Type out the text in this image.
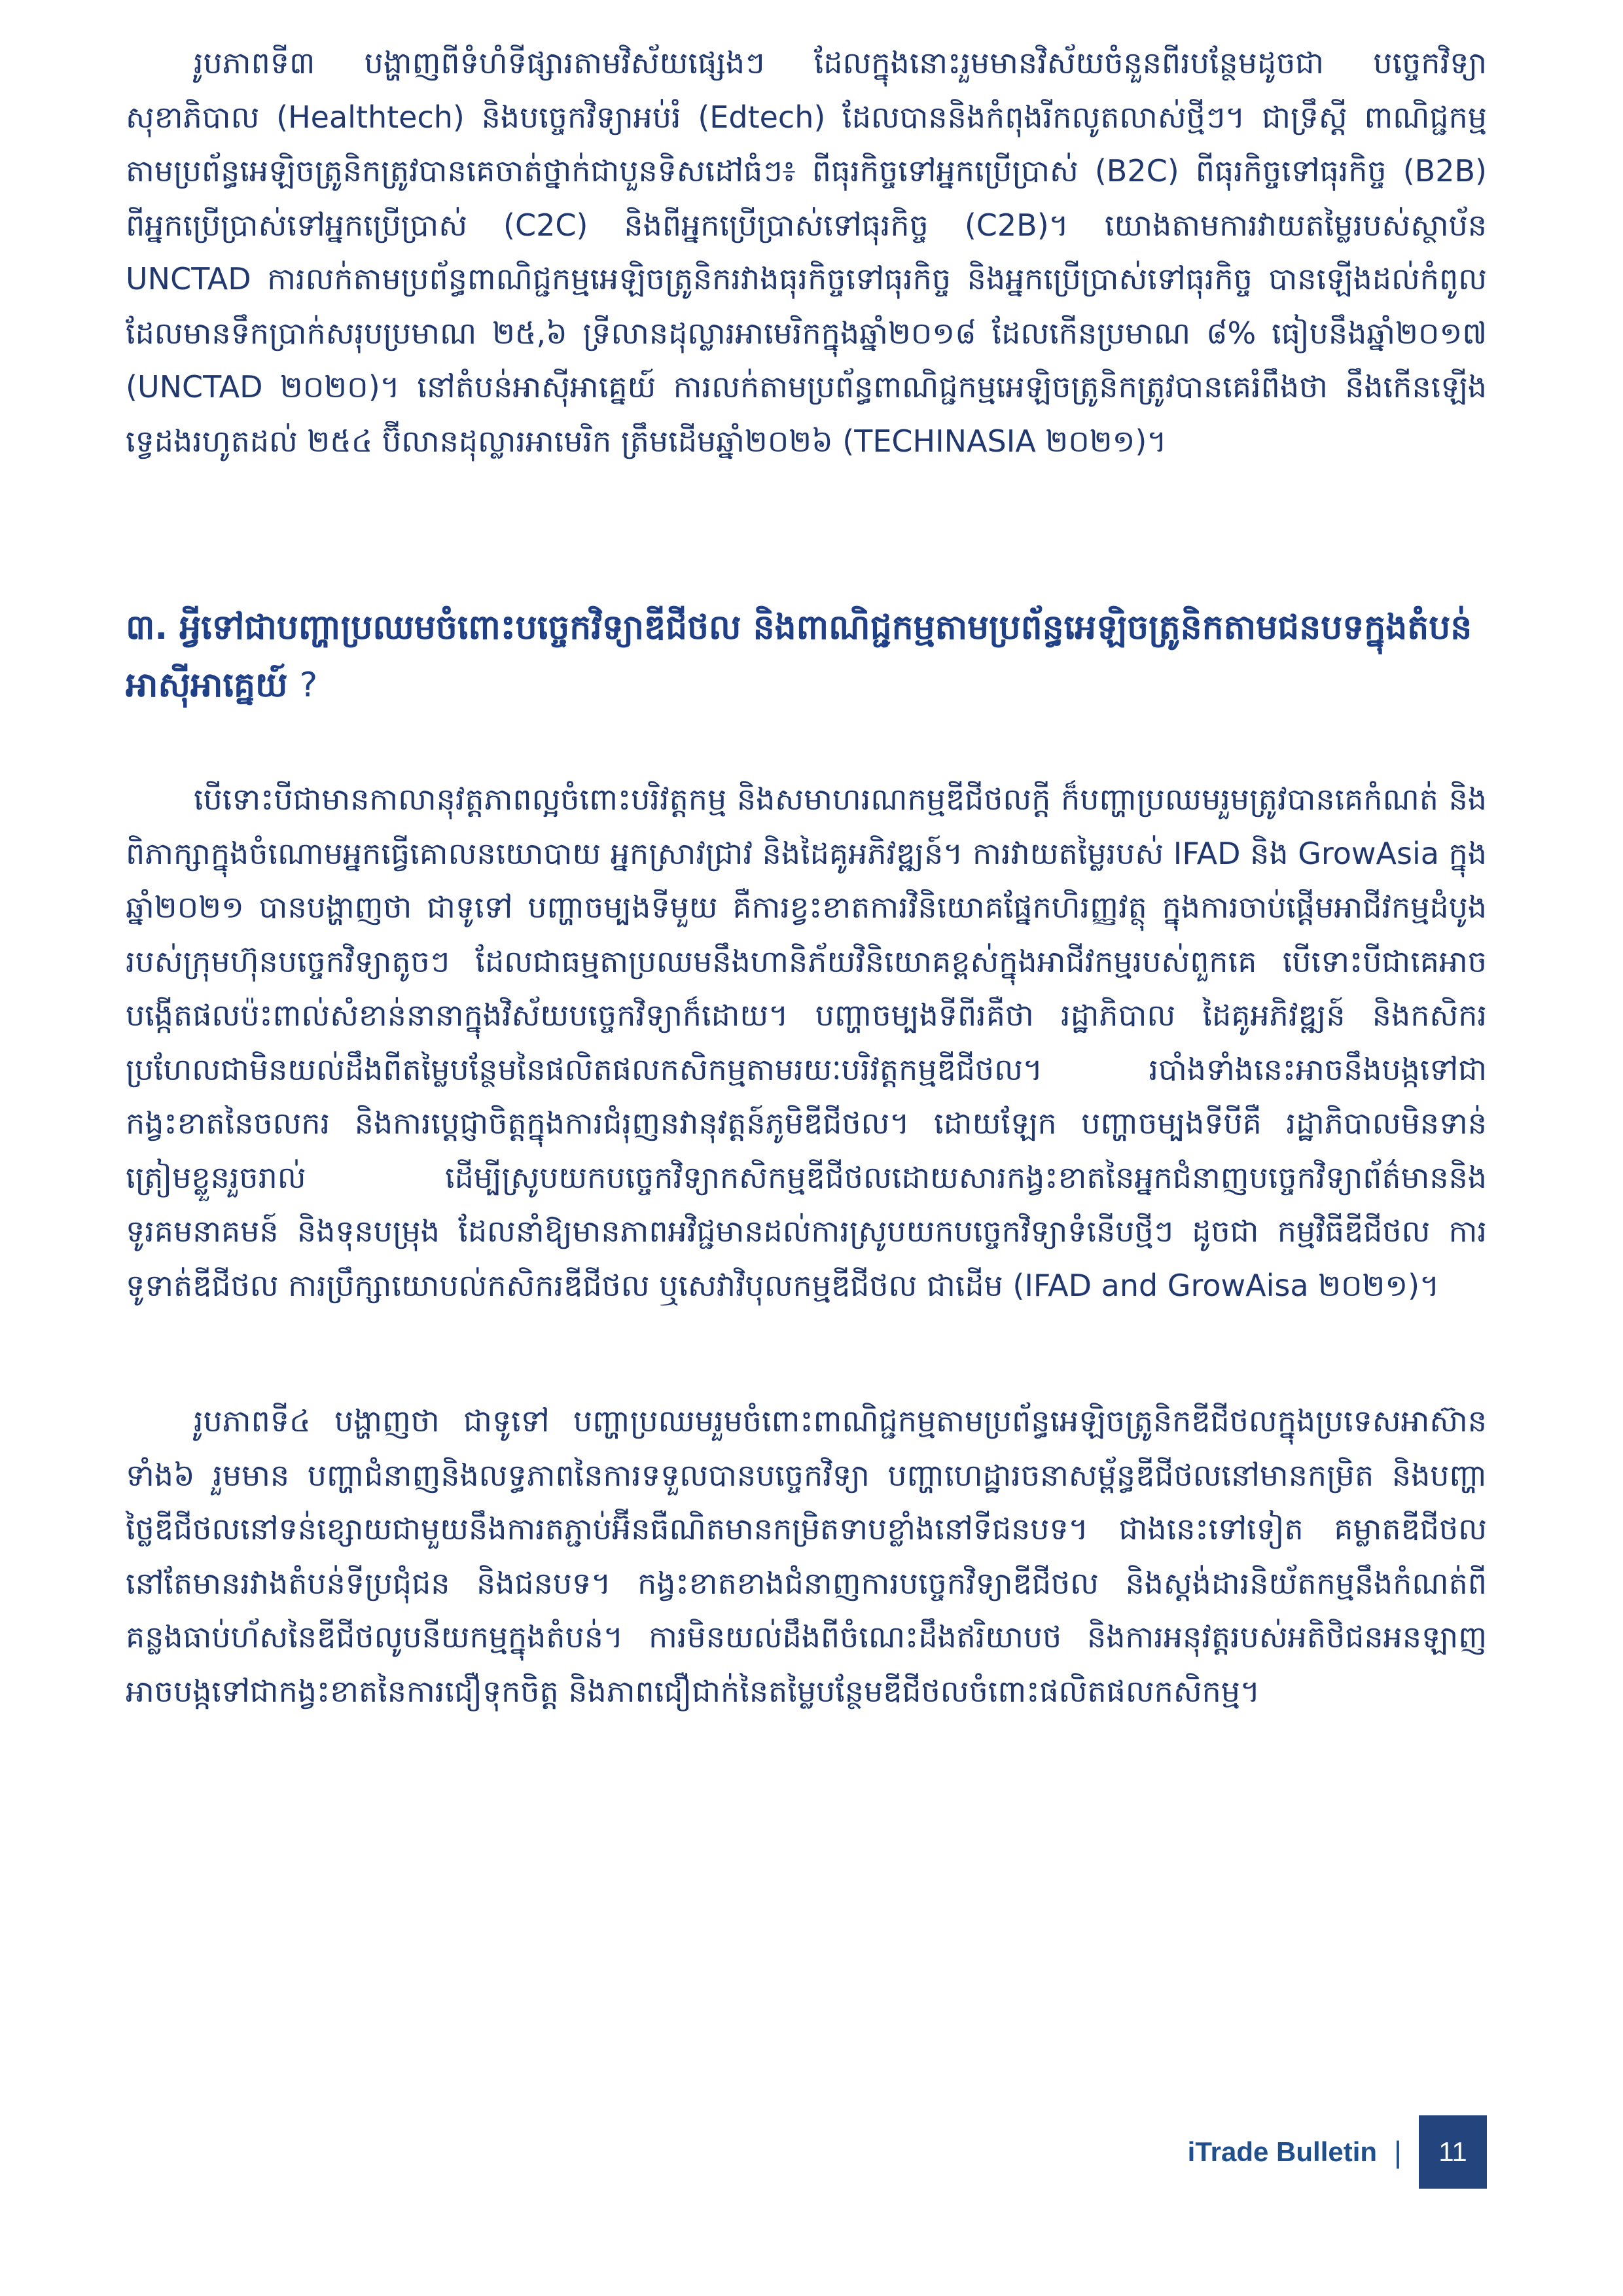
រូបភាពទី៣ បង្ហាញពីទំហំទីផ្សារតាមវិស័យផ្សេងៗ ដែលក្នុងនោះរួមមានវិស័យចំនួនពីរបន្ថែមដូចជា បច្ចេកវិទ្យាសុខាភិបាល (Healthtech) និងបច្ចេកវិទ្យាអប់រំ (Edtech) ដែលបាននិងកំពុងរីកលូតលាស់ថ្មីៗ។ ជាទ្រឹស្ដី ពាណិជ្ជកម្មតាមប្រព័ន្ធអេឡិចត្រូនិកត្រូវបានគេចាត់ថ្នាក់ជាបួនទិសដៅធំៗ៖ ពីធុរកិច្ចទៅអ្នកប្រើប្រាស់ (B2C) ពីធុរកិច្ចទៅធុរកិច្ច (B2B) ពីអ្នកប្រើប្រាស់ទៅអ្នកប្រើប្រាស់ (C2C) និងពីអ្នកប្រើប្រាស់ទៅធុរកិច្ច (C2B)។ យោងតាមការវាយតម្លៃរបស់ស្ថាប័ន UNCTAD ការលក់តាមប្រព័ន្ធពាណិជ្ជកម្មអេឡិចត្រូនិករវាងធុរកិច្ចទៅធុរកិច្ច និងអ្នកប្រើប្រាស់ទៅធុរកិច្ច បានឡើងដល់កំពូល ដែលមានទឹកប្រាក់សរុបប្រមាណ ២៥,៦ ទ្រីលានដុល្លារអាមេរិកក្នុងឆ្នាំ២០១៨ ដែលកើនប្រមាណ ៨% ធៀបនឹងឆ្នាំ២០១៧ (UNCTAD ២០២០)។ នៅតំបន់អាស៊ីអាគ្នេយ៍ ការលក់តាមប្រព័ន្ធពាណិជ្ជកម្មអេឡិចត្រូនិកត្រូវបានគេរំពឹងថា នឹងកើនឡើងទ្វេដងរហូតដល់ ២៥៤ ប៊ីលានដុល្លារអាមេរិក ត្រឹមដើមឆ្នាំ២០២៦ (TECHINASIA ២០២១)។

៣. អ្វីទៅជាបញ្ហាប្រឈមចំពោះបច្ចេកវិទ្យាឌីជីថល និងពាណិជ្ជកម្មតាមប្រព័ន្ធអេឡិចត្រូនិកតាមជនបទក្នុងតំបន់អាស៊ីអាគ្នេយ៍ ?

បើទោះបីជាមានកាលានុវត្តភាពល្អចំពោះបរិវត្តកម្ម និងសមាហរណកម្មឌីជីថលក្ដី ក៏បញ្ហាប្រឈមរួមត្រូវបានគេកំណត់ និងពិភាក្សាក្នុងចំណោមអ្នកធ្វើគោលនយោបាយ អ្នកស្រាវជ្រាវ និងដៃគូអភិវឌ្ឍន៍។ ការវាយតម្លៃរបស់ IFAD និង GrowAsia ក្នុងឆ្នាំ២០២១ បានបង្ហាញថា ជាទូទៅ បញ្ហាចម្បងទីមួយ គឺការខ្វះខាតការវិនិយោគផ្នែកហិរញ្ញវត្ថុ ក្នុងការចាប់ផ្ដើមអាជីវកម្មដំបូងរបស់ក្រុមហ៊ុនបច្ចេកវិទ្យាតូចៗ ដែលជាធម្មតាប្រឈមនឹងហានិភ័យវិនិយោគខ្ពស់ក្នុងអាជីវកម្មរបស់ពួកគេ បើទោះបីជាគេអាចបង្កើតផលប៉ះពាល់សំខាន់នានាក្នុងវិស័យបច្ចេកវិទ្យាក៏ដោយ។ បញ្ហាចម្បងទីពីរគឺថា រដ្ឋាភិបាល ដៃគូអភិវឌ្ឍន៍ និងកសិករ ប្រហែលជាមិនយល់ដឹងពីតម្លៃបន្ថែមនៃផលិតផលកសិកម្មតាមរយៈបរិវត្តកម្មឌីជីថល។ របាំងទាំងនេះអាចនឹងបង្កទៅជាកង្វះខាតនៃចលករ និងការប្ដេជ្ញាចិត្តក្នុងការជំរុញនវានុវត្តន៍ភូមិឌីជីថល។ ដោយឡែក បញ្ហាចម្បងទីបីគឺ រដ្ឋាភិបាលមិនទាន់ត្រៀមខ្លួនរួចរាល់ ដើម្បីស្រូបយកបច្ចេកវិទ្យាកសិកម្មឌីជីថលដោយសារកង្វះខាតនៃអ្នកជំនាញបច្ចេកវិទ្យាព័ត៌មាននិងទូរគមនាគមន៍ និងទុនបម្រុង ដែលនាំឱ្យមានភាពអវិជ្ជមានដល់ការស្រូបយកបច្ចេកវិទ្យាទំនើបថ្មីៗ ដូចជា កម្មវិធីឌីជីថល ការទូទាត់ឌីជីថល ការប្រឹក្សាយោបល់កសិករឌីជីថល ឬសេវាវិបុលកម្មឌីជីថល ជាដើម (IFAD and GrowAisa ២០២១)។

រូបភាពទី៤ បង្ហាញថា ជាទូទៅ បញ្ហាប្រឈមរួមចំពោះពាណិជ្ជកម្មតាមប្រព័ន្ធអេឡិចត្រូនិកឌីជីថលក្នុងប្រទេសអាស៊ានទាំង៦ រួមមាន បញ្ហាជំនាញនិងលទ្ធភាពនៃការទទួលបានបច្ចេកវិទ្យា បញ្ហាហេដ្ឋារចនាសម្ព័ន្ធឌីជីថលនៅមានកម្រិត និងបញ្ហាថ្លៃឌីជីថលនៅទន់ខ្សោយជាមួយនឹងការតភ្ជាប់អ៊ីនធឺណិតមានកម្រិតទាបខ្លាំងនៅទីជនបទ។ ជាងនេះទៅទៀត គម្លាតឌីជីថលនៅតែមានរវាងតំបន់ទីប្រជុំជន និងជនបទ។ កង្វះខាតខាងជំនាញការបច្ចេកវិទ្យាឌីជីថល និងស្តង់ដារនិយ័តកម្មនឹងកំណត់ពីគន្លងធាប់ហ័សនៃឌីជីថលូបនីយកម្មក្នុងតំបន់។ ការមិនយល់ដឹងពីចំណេះដឹងឥរិយាបថ និងការអនុវត្តរបស់អតិថិជនអនឡាញ អាចបង្កទៅជាកង្វះខាតនៃការជឿទុកចិត្ត និងភាពជឿជាក់នៃតម្លៃបន្ថែមឌីជីថលចំពោះផលិតផលកសិកម្ម។

iTrade Bulletin |	11
